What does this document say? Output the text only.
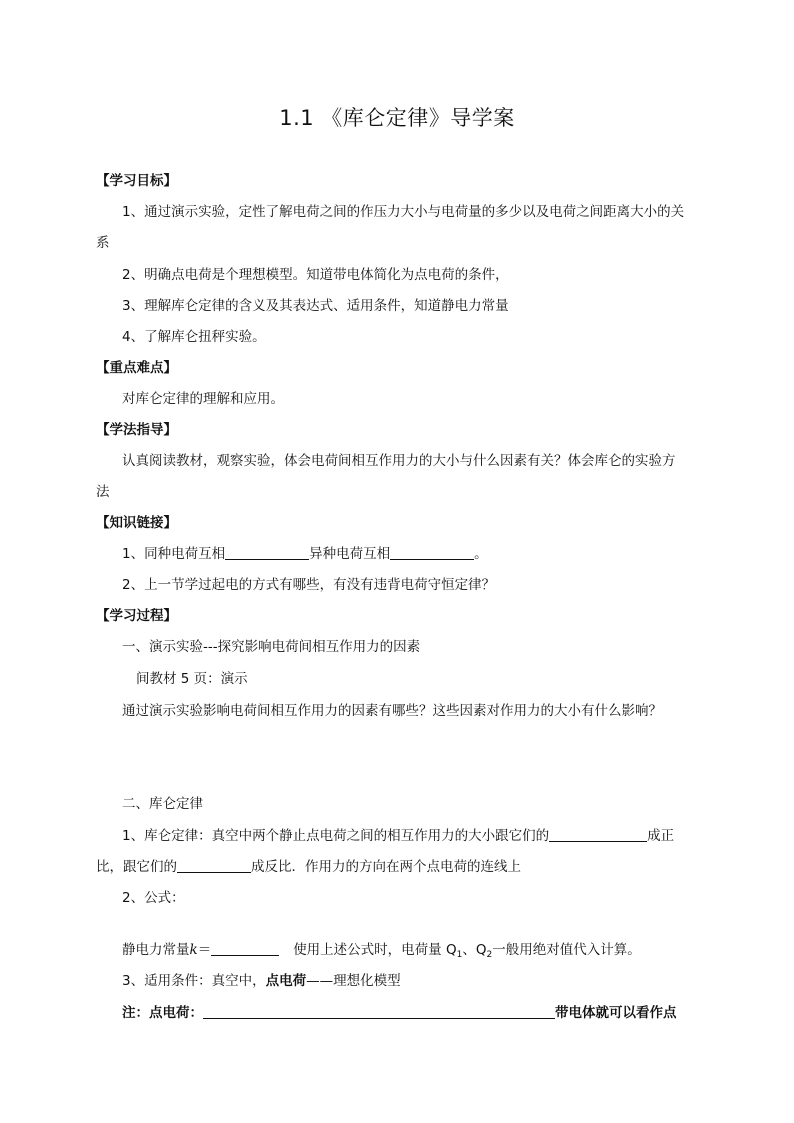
1.1 《库仑定律》导学案
【学习目标】
1、通过演示实验，定性了解电荷之间的作压力大小与电荷量的多少以及电荷之间距离大小的关
系
2、明确点电荷是个理想模型。知道带电体简化为点电荷的条件，
3、理解库仑定律的含义及其表达式、适用条件，知道静电力常量
4、了解库仑扭秤实验。
【重点难点】
对库仑定律的理解和应用。
【学法指导】
认真阅读教材，观察实验，体会电荷间相互作用力的大小与什么因素有关？体会库仑的实验方
法
【知识链接】
1、同种电荷互相	异种电荷互相	。
2、上一节学过起电的方式有哪些，有没有违背电荷守恒定律？
【学习过程】
一、演示实验---探究影响电荷间相互作用力的因素
间教材 5 页：演示
通过演示实验影响电荷间相互作用力的因素有哪些？这些因素对作用力的大小有什么影响？
二、库仑定律
1、库仑定律：真空中两个静止点电荷之间的相互作用力的大小跟它们的	成正
比，跟它们的	成反比．作用力的方向在两个点电荷的连线上
2、公式：
静电力常量k＝	使用上述公式时，电荷量 $Q_1$、$Q_2$一般用绝对值代入计算。
3、适用条件：真空中，点电荷——理想化模型
注：点电荷：	带电体就可以看作点
